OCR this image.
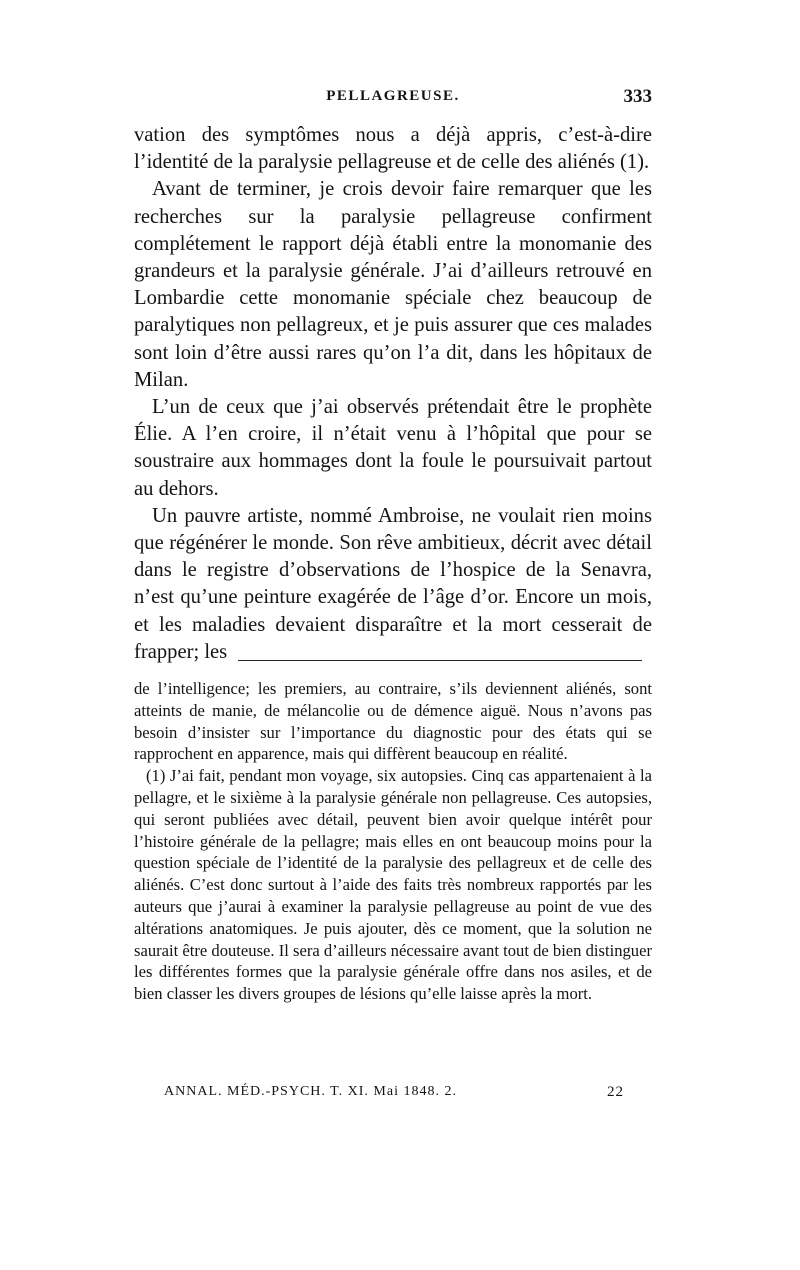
PELLAGREUSE.	333

vation des symptômes nous a déjà appris, c’est-à-dire l’identité de la paralysie pellagreuse et de celle des aliénés (1).

Avant de terminer, je crois devoir faire remarquer que les recherches sur la paralysie pellagreuse confirment complétement le rapport déjà établi entre la monomanie des grandeurs et la paralysie générale. J’ai d’ailleurs retrouvé en Lombardie cette monomanie spéciale chez beaucoup de paralytiques non pellagreux, et je puis assurer que ces malades sont loin d’être aussi rares qu’on l’a dit, dans les hôpitaux de Milan.

L’un de ceux que j’ai observés prétendait être le prophète Élie. A l’en croire, il n’était venu à l’hôpital que pour se soustraire aux hommages dont la foule le poursuivait partout au dehors.

Un pauvre artiste, nommé Ambroise, ne voulait rien moins que régénérer le monde. Son rêve ambitieux, décrit avec détail dans le registre d’observations de l’hospice de la Senavra, n’est qu’une peinture exagérée de l’âge d’or. Encore un mois, et les maladies devaient disparaître et la mort cesserait de frapper; les

de l’intelligence; les premiers, au contraire, s’ils deviennent aliénés, sont atteints de manie, de mélancolie ou de démence aiguë. Nous n’avons pas besoin d’insister sur l’importance du diagnostic pour des états qui se rapprochent en apparence, mais qui diffèrent beaucoup en réalité.

(1) J’ai fait, pendant mon voyage, six autopsies. Cinq cas appartenaient à la pellagre, et le sixième à la paralysie générale non pellagreuse. Ces autopsies, qui seront publiées avec détail, peuvent bien avoir quelque intérêt pour l’histoire générale de la pellagre; mais elles en ont beaucoup moins pour la question spéciale de l’identité de la paralysie des pellagreux et de celle des aliénés. C’est donc surtout à l’aide des faits très nombreux rapportés par les auteurs que j’aurai à examiner la paralysie pellagreuse au point de vue des altérations anatomiques. Je puis ajouter, dès ce moment, que la solution ne saurait être douteuse. Il sera d’ailleurs nécessaire avant tout de bien distinguer les différentes formes que la paralysie générale offre dans nos asiles, et de bien classer les divers groupes de lésions qu’elle laisse après la mort.

ANNAL. MÉD.-PSYCH. T. XI. Mai 1848. 2.	22
